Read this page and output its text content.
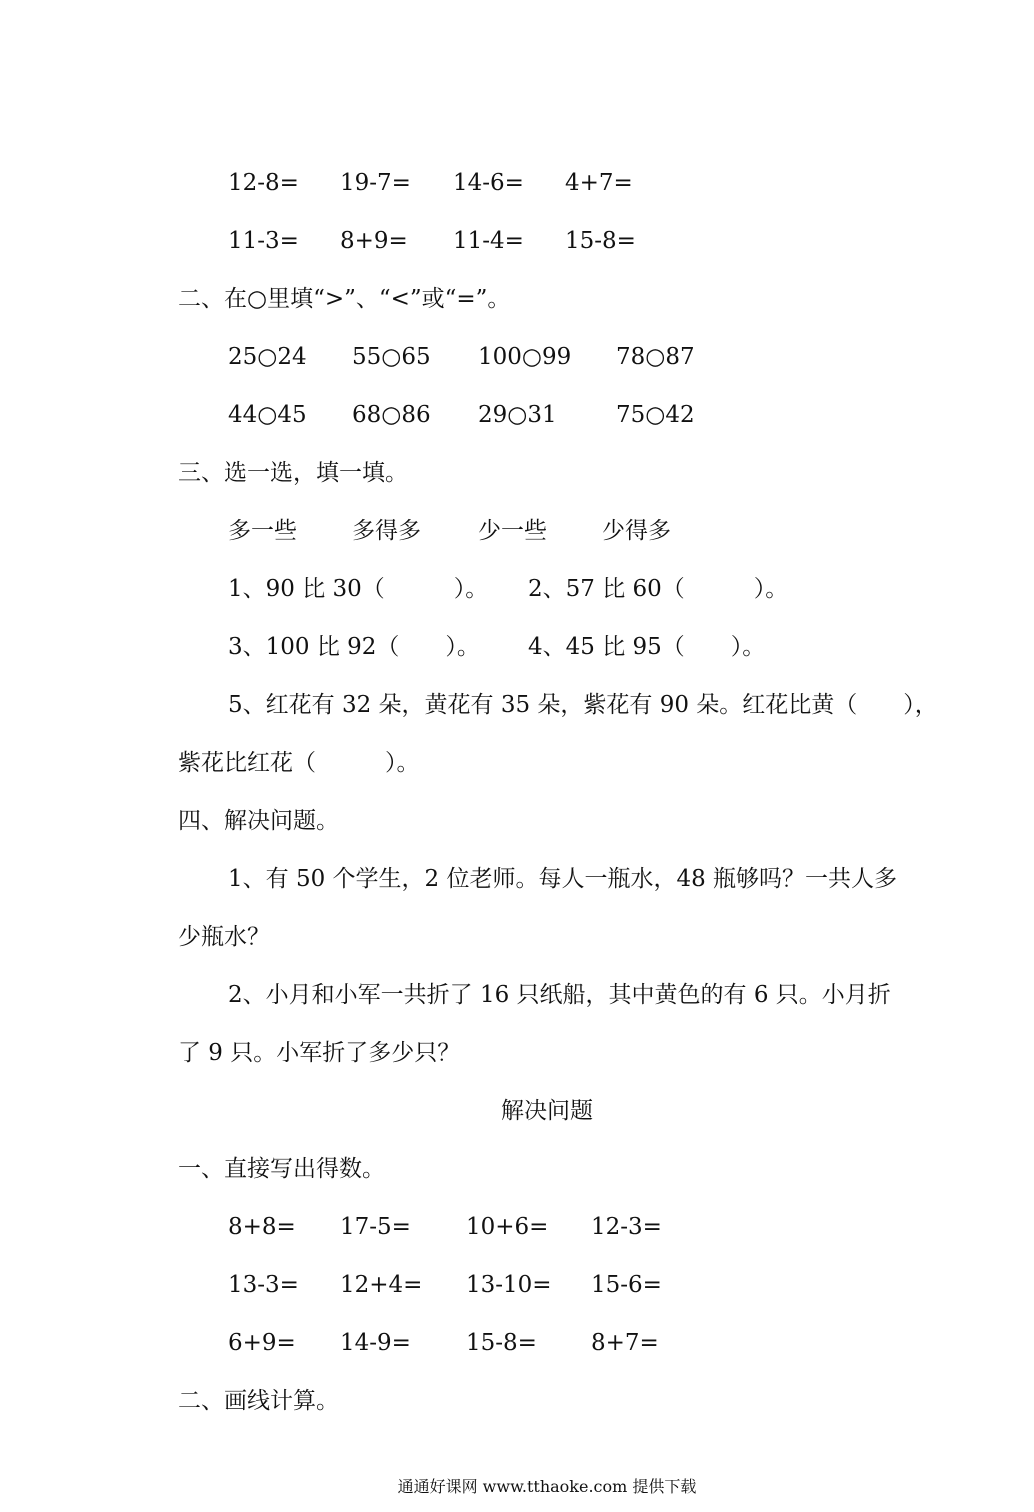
12-8= 19-7= 14-6= 4+7=
11-3= 8+9= 11-4= 15-8=
二、在○里填“>”、“<”或“=”。
25○24 55○65 100○99 78○87
44○45 68○86 29○31	75○42
三、选一选，填一填。
多一些 多得多 少一些 少得多
1、90 比 30（　　　）。 2、57 比 60（　　　）。
3、100 比 92（　　）。 4、45 比 95（　　）。
5、红花有 32 朵，黄花有 35 朵，紫花有 90 朵。红花比黄（　　），
紫花比红花（　　　）。
四、解决问题。
1、有 50 个学生，2 位老师。每人一瓶水，48 瓶够吗？一共人多
少瓶水？
2、小月和小军一共折了 16 只纸船，其中黄色的有 6 只。小月折
了 9 只。小军折了多少只？
解决问题
一、直接写出得数。
8+8= 17-5= 10+6= 12-3=
13-3= 12+4= 13-10= 15-6=
6+9= 14-9= 15-8= 8+7=
二、画线计算。
通通好课网 www.tthaoke.com 提供下载
